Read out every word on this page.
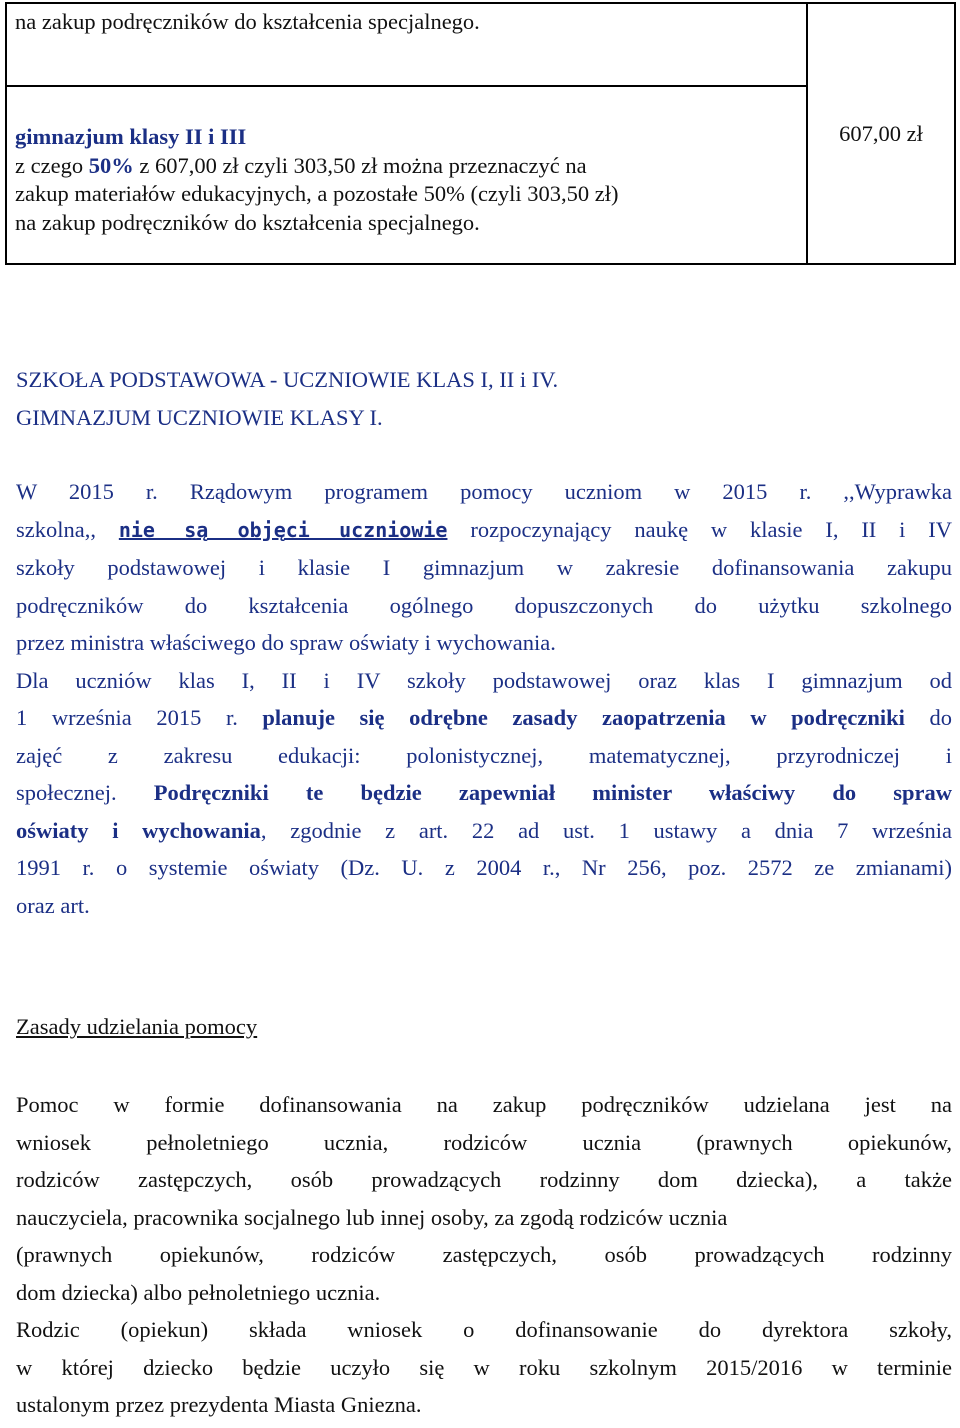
na zakup podręczników do kształcenia specjalnego.
	607,00 zł

gimnazjum klasy II i III
z czego 50% z 607,00 zł czyli 303,50 zł można przeznaczyć na
zakup materiałów edukacyjnych, a pozostałe 50% (czyli 303,50 zł)
na zakup podręczników do kształcenia specjalnego.
SZKOŁA PODSTAWOWA - UCZNIOWIE KLAS I, II i IV.
GIMNAZJUM UCZNIOWIE KLASY I.
W 2015 r. Rządowym programem pomocy uczniom w 2015 r. ,,Wyprawka
szkolna,, nie są objęci uczniowie rozpoczynający naukę w klasie I, II i IV
szkoły podstawowej i klasie I gimnazjum w zakresie dofinansowania zakupu
podręczników do kształcenia ogólnego dopuszczonych do użytku szkolnego
przez ministra właściwego do spraw oświaty i wychowania.
Dla uczniów klas I, II i IV szkoły podstawowej oraz klas I gimnazjum od
1 września 2015 r. planuje się odrębne zasady zaopatrzenia w podręczniki do
zajęć z zakresu edukacji: polonistycznej, matematycznej, przyrodniczej i
społecznej. Podręczniki te będzie zapewniał minister właściwy do spraw
oświaty i wychowania, zgodnie z art. 22 ad ust. 1 ustawy a dnia 7 września
1991 r. o systemie oświaty (Dz. U. z 2004 r., Nr 256, poz. 2572 ze zmianami)
oraz art.
Zasady udzielania pomocy
Pomoc w formie dofinansowania na zakup podręczników udzielana jest na
wniosek pełnoletniego ucznia, rodziców ucznia (prawnych opiekunów,
rodziców zastępczych, osób prowadzących rodzinny dom dziecka), a także
nauczyciela, pracownika socjalnego lub innej osoby, za zgodą rodziców ucznia
(prawnych opiekunów, rodziców zastępczych, osób prowadzących rodzinny
dom dziecka) albo pełnoletniego ucznia.
Rodzic (opiekun) składa wniosek o dofinansowanie do dyrektora szkoły,
w której dziecko będzie uczyło się w roku szkolnym 2015/2016 w terminie
ustalonym przez prezydenta Miasta Gniezna.
